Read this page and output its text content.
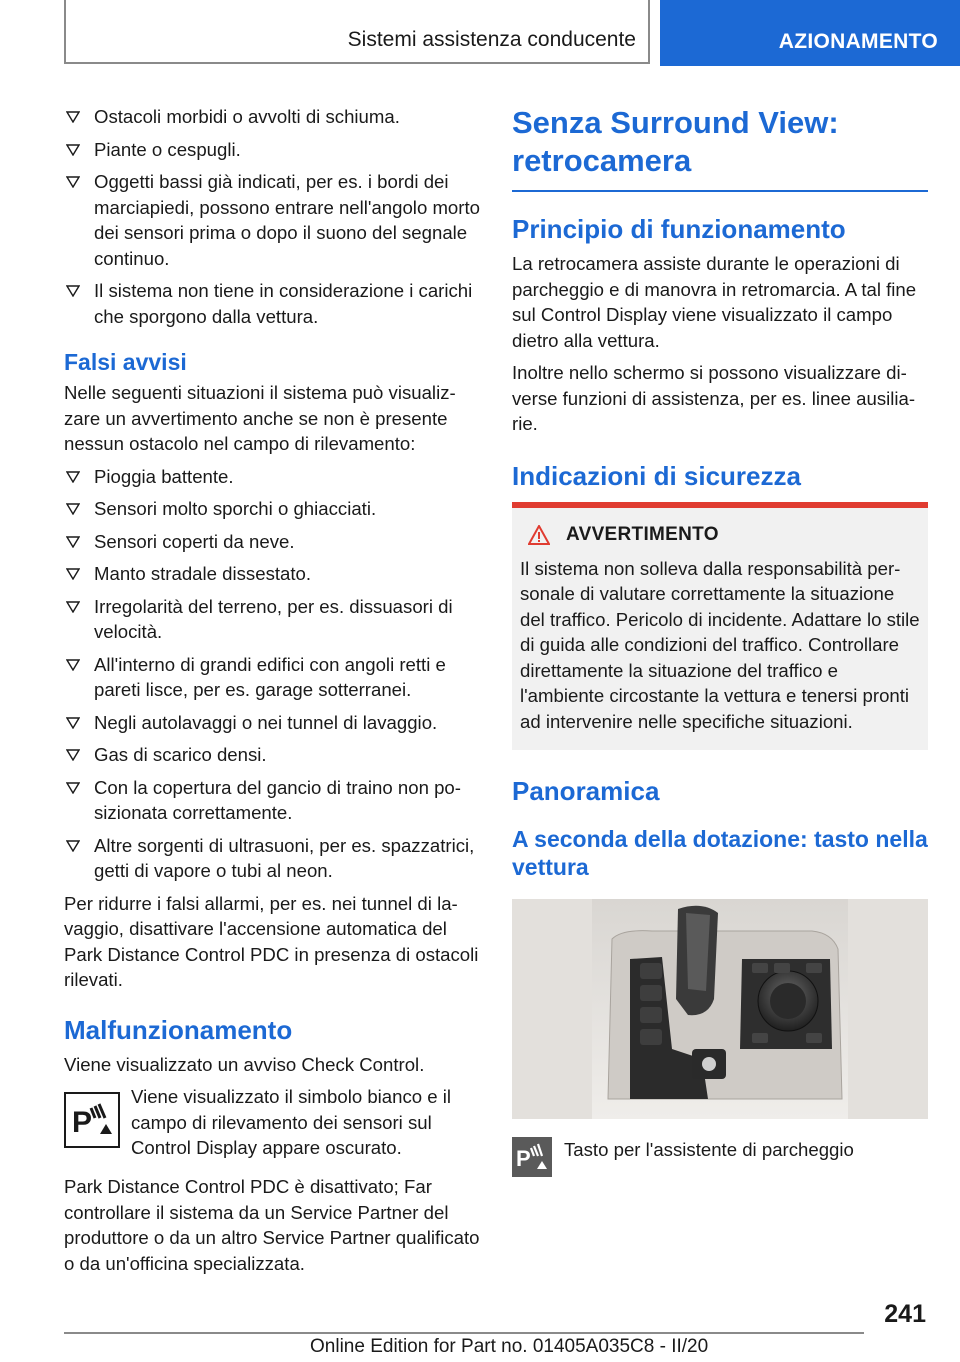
Sistemi assistenza conducente	AZIONAMENTO
Ostacoli morbidi o avvolti di schiuma.
Piante o cespugli.
Oggetti bassi già indicati, per es. i bordi dei marciapiedi, possono entrare nell'angolo morto dei sensori prima o dopo il suono del segnale continuo.
Il sistema non tiene in considerazione i carichi che sporgono dalla vettura.
Falsi avvisi

Nelle seguenti situazioni il sistema può visualizzare un avvertimento anche se non è presente nessun ostacolo nel campo di rilevamento:

Pioggia battente.
Sensori molto sporchi o ghiacciati.
Sensori coperti da neve.
Manto stradale dissestato.
Irregolarità del terreno, per es. dissuasori di velocità.
All'interno di grandi edifici con angoli retti e pareti lisce, per es. garage sotterranei.
Negli autolavaggi o nei tunnel di lavaggio.
Gas di scarico densi.
Con la copertura del gancio di traino non posizionata correttamente.
Altre sorgenti di ultrasuoni, per es. spazzatrici, getti di vapore o tubi al neon.

Per ridurre i falsi allarmi, per es. nei tunnel di lavaggio, disattivare l'accensione automatica del Park Distance Control PDC in presenza di ostacoli rilevati.

Malfunzionamento

Viene visualizzato un avviso Check Control.

P

Viene visualizzato il simbolo bianco e il campo di rilevamento dei sensori sul Control Display appare oscurato.

Park Distance Control PDC è disattivato; Far controllare il sistema da un Service Partner del produttore o da un altro Service Partner qualificato o da un'officina specializzata.

Senza Surround View: retrocamera
Principio di funzionamento

La retrocamera assiste durante le operazioni di parcheggio e di manovra in retromarcia. A tal fine sul Control Display viene visualizzato il campo dietro alla vettura.

Inoltre nello schermo si possono visualizzare diverse funzioni di assistenza, per es. linee ausiliarie.

Indicazioni di sicurezza
AVVERTIMENTO

Il sistema non solleva dalla responsabilità personale di valutare correttamente la situazione del traffico. Pericolo di incidente. Adattare lo stile di guida alle condizioni del traffico. Controllare direttamente la situazione del traffico e l'ambiente circostante la vettura e tenersi pronti ad intervenire nelle specifiche situazioni.

Panoramica
A seconda della dotazione: tasto nella vettura
P Tasto per l'assistente di parcheggio
241
Online Edition for Part no. 01405A035C8 - II/20
